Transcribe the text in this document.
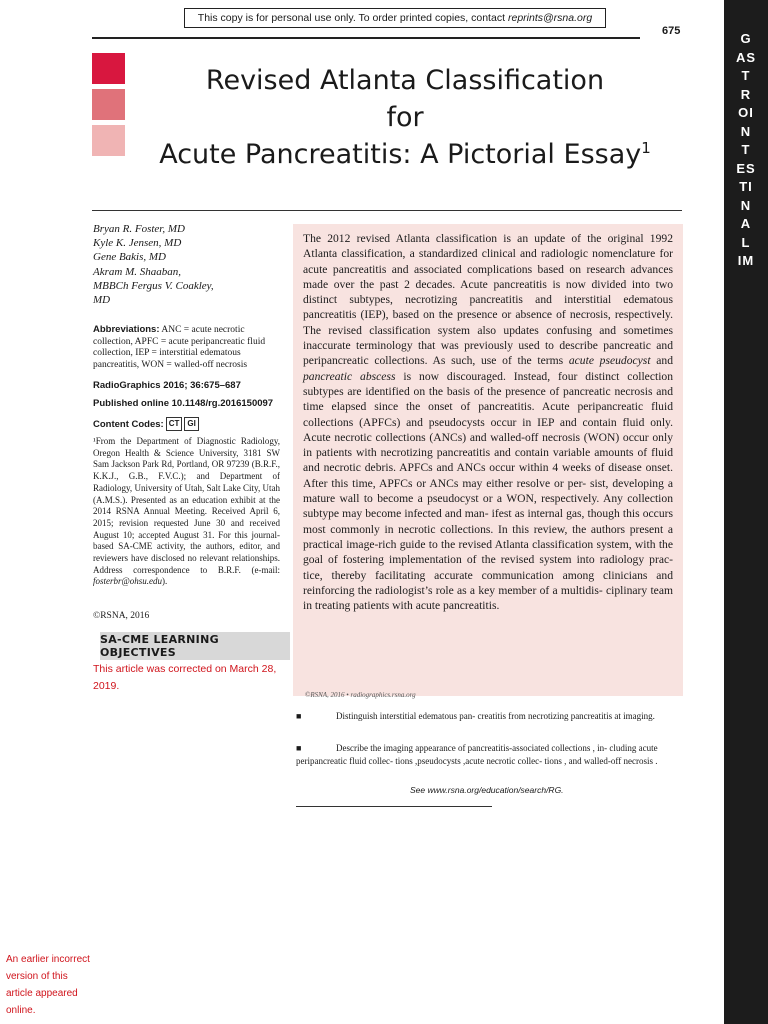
This copy is for personal use only. To order printed copies, contact reprints@rsna.org
675	G
AS
T
R
OI
N
T
ES
TI
N
A
L
IM
Revised Atlanta Classification
for
Acute Pancreatitis: A Pictorial Essay$^1$
Bryan R. Foster, MD
Kyle K. Jensen, MD
Gene Bakis, MD
Akram M. Shaaban,
MBBCh Fergus V. Coakley,
MD
Abbreviations: ANC = acute necrotic collection, APFC = acute peripancreatic fluid collection, IEP = interstitial edematous pancreatitis, WON = walled-off necrosis
RadioGraphics 2016; 36:675–687
Published online 10.1148/rg.2016150097
Content Codes: CT	GI
¹From the Department of Diagnostic Radiology, Oregon Health & Science University, 3181 SW Sam Jackson Park Rd, Portland, OR 97239 (B.R.F., K.K.J., G.B., F.V.C.); and Department of Radiology, University of Utah, Salt Lake City, Utah (A.M.S.). Presented as an education exhibit at the 2014 RSNA Annual Meeting. Received April 6, 2015; revision requested June 30 and received August 10; accepted August 31. For this journal-based SA-CME activity, the authors, editor, and reviewers have disclosed no relevant relationships. Address correspondence to B.R.F. (e-mail: fosterbr@ohsu.edu).
©RSNA, 2016
SA-CME LEARNING OBJECTIVES
This article was corrected on March 28, 2019.
The 2012 revised Atlanta classification is an update of the original 1992 Atlanta classification, a standardized clinical and radiologic nomenclature for acute pancreatitis and associated complications based on research advances made over the past 2 decades. Acute pancreatitis is now divided into two distinct subtypes, necrotizing pancreatitis and interstitial edematous pancreatitis (IEP), based on the presence or absence of necrosis, respectively. The revised classification system also updates confusing and sometimes inaccurate terminology that was previously used to describe pancreatic and peripancreatic collections. As such, use of the terms acute pseudocyst and pancreatic abscess is now discouraged. Instead, four distinct collection subtypes are identified on the basis of the presence of pancreatic necrosis and time elapsed since the onset of pancreatitis. Acute peripancreatic fluid collections (APFCs) and pseudocysts occur in IEP and contain fluid only. Acute necrotic collections (ANCs) and walled-off necrosis (WON) occur only in patients with necrotizing pancreatitis and contain variable amounts of fluid and necrotic debris. APFCs and ANCs occur within 4 weeks of disease onset. After this time, APFCs or ANCs may either resolve or per- sist, developing a mature wall to become a pseudocyst or a WON, respectively. Any collection subtype may become infected and man- ifest as internal gas, though this occurs most commonly in necrotic collections. In this review, the authors present a practical image-rich guide to the revised Atlanta classification system, with the goal of fostering implementation of the revised system into radiology prac- tice, thereby facilitating accurate communication among clinicians and reinforcing the radiologist’s role as a key member of a multidis- ciplinary team in treating patients with acute pancreatitis.
©RSNA, 2016 • radiographics.rsna.org
■	Distinguish interstitial edematous pan- creatitis from necrotizing pancreatitis at imaging.
■	Describe the imaging appearance of pancreatitis-associated collections , in- cluding acute peripancreatic fluid collec- tions ,pseudocysts ,acute necrotic collec- tions , and walled-off necrosis .
See www.rsna.org/education/search/RG.
An earlier incorrect version of this article appeared online.
